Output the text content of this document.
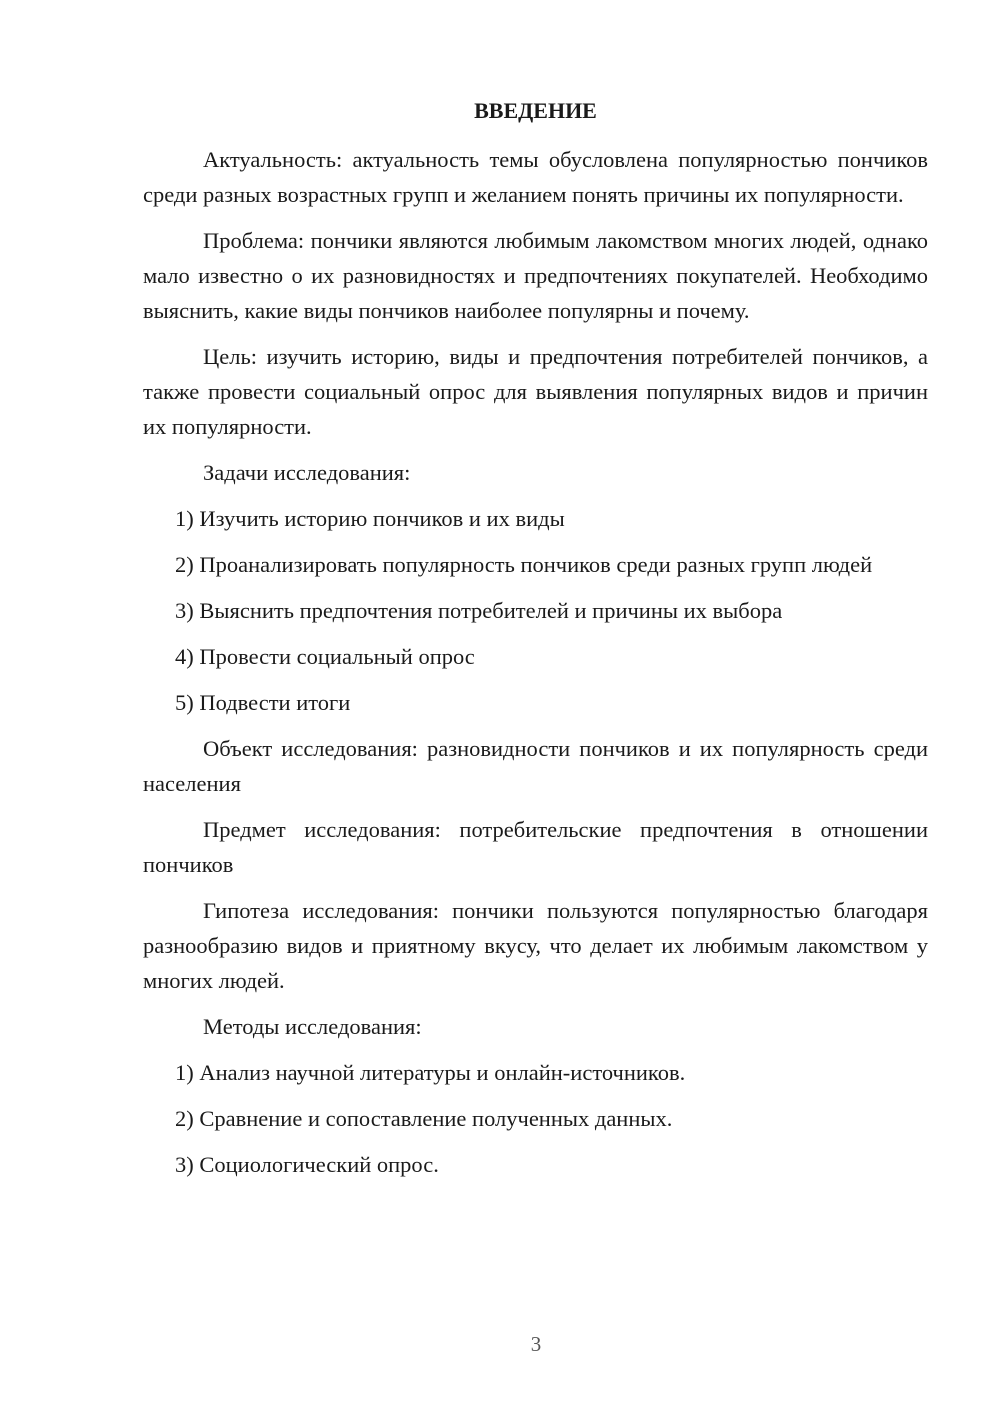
ВВЕДЕНИЕ

Актуальность: актуальность темы обусловлена популярностью пончиков среди разных возрастных групп и желанием понять причины их популярности.

Проблема: пончики являются любимым лакомством многих людей, однако мало известно о их разновидностях и предпочтениях покупателей. Необходимо выяснить, какие виды пончиков наиболее популярны и почему.

Цель: изучить историю, виды и предпочтения потребителей пончиков, а также провести социальный опрос для выявления популярных видов и причин их популярности.

Задачи исследования:

1) Изучить историю пончиков и их виды

2) Проанализировать популярность пончиков среди разных групп людей

3) Выяснить предпочтения потребителей и причины их выбора

4) Провести социальный опрос

5) Подвести итоги

Объект исследования: разновидности пончиков и их популярность среди населения

Предмет исследования: потребительские предпочтения в отношении пончиков

Гипотеза исследования: пончики пользуются популярностью благодаря разнообразию видов и приятному вкусу, что делает их любимым лакомством у многих людей.

Методы исследования:

1) Анализ научной литературы и онлайн-источников.

2) Сравнение и сопоставление полученных данных.

3) Социологический опрос.

3
